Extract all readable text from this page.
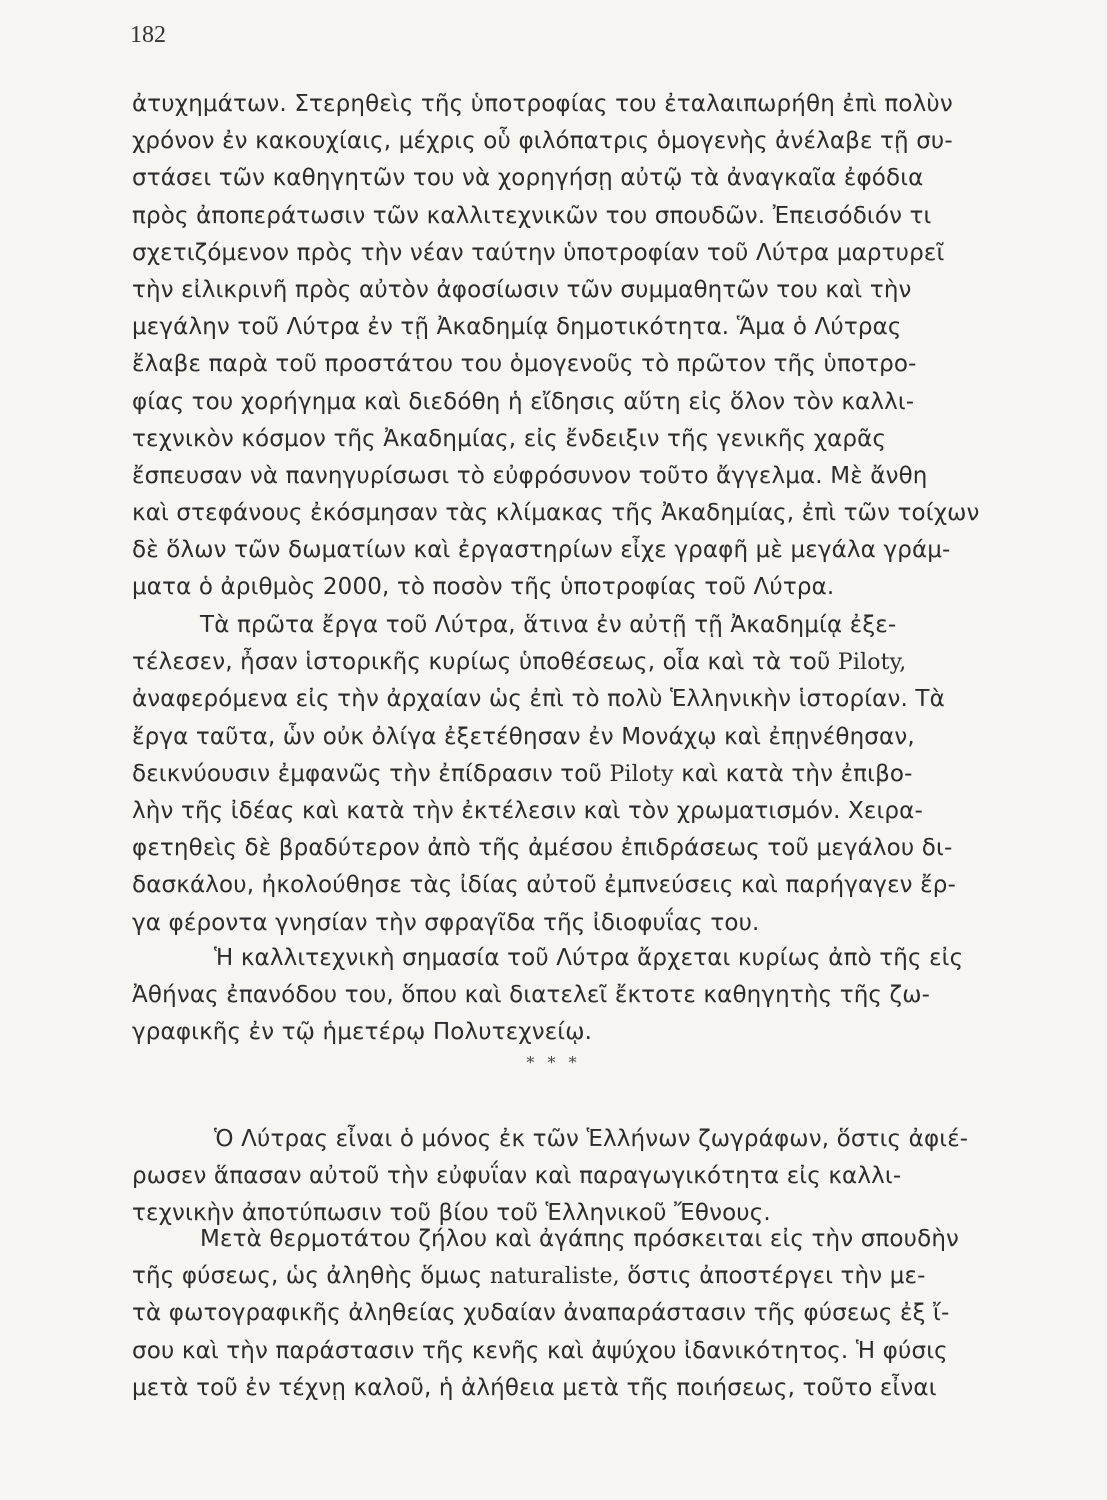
182
ἀτυχημάτων. Στερηθεὶς τῆς ὑποτροφίας του ἐταλαιπωρήθη ἐπὶ πολὺν
χρόνον ἐν κακουχίαις, μέχρις οὗ φιλόπατρις ὁμογενὴς ἀνέλαβε τῇ συ-
στάσει τῶν καθηγητῶν του νὰ χορηγήσῃ αὐτῷ τὰ ἀναγκαῖα ἐφόδια
πρὸς ἀποπεράτωσιν τῶν καλλιτεχνικῶν του σπουδῶν. Ἐπεισόδιόν τι
σχετιζόμενον πρὸς τὴν νέαν ταύτην ὑποτροφίαν τοῦ Λύτρα μαρτυρεῖ
τὴν εἰλικρινῆ πρὸς αὐτὸν ἀφοσίωσιν τῶν συμμαθητῶν του καὶ τὴν
μεγάλην τοῦ Λύτρα ἐν τῇ Ἀκαδημίᾳ δημοτικότητα. Ἅμα ὁ Λύτρας
ἔλαβε παρὰ τοῦ προστάτου του ὁμογενοῦς τὸ πρῶτον τῆς ὑποτρο-
φίας του χορήγημα καὶ διεδόθη ἡ εἴδησις αὕτη εἰς ὅλον τὸν καλλι-
τεχνικὸν κόσμον τῆς Ἀκαδημίας, εἰς ἔνδειξιν τῆς γενικῆς χαρᾶς
ἔσπευσαν νὰ πανηγυρίσωσι τὸ εὐφρόσυνον τοῦτο ἄγγελμα. Μὲ ἄνθη
καὶ στεφάνους ἐκόσμησαν τὰς κλίμακας τῆς Ἀκαδημίας, ἐπὶ τῶν τοίχων
δὲ ὅλων τῶν δωματίων καὶ ἐργαστηρίων εἶχε γραφῆ μὲ μεγάλα γράμ-
ματα ὁ ἀριθμὸς 2000, τὸ ποσὸν τῆς ὑποτροφίας τοῦ Λύτρα.
Τὰ πρῶτα ἔργα τοῦ Λύτρα, ἅτινα ἐν αὐτῇ τῇ Ἀκαδημίᾳ ἐξε-
τέλεσεν, ἦσαν ἱστορικῆς κυρίως ὑποθέσεως, οἷα καὶ τὰ τοῦ Piloty,
ἀναφερόμενα εἰς τὴν ἀρχαίαν ὡς ἐπὶ τὸ πολὺ Ἑλληνικὴν ἱστορίαν. Τὰ
ἔργα ταῦτα, ὧν οὐκ ὀλίγα ἐξετέθησαν ἐν Μονάχῳ καὶ ἐπῃνέθησαν,
δεικνύουσιν ἐμφανῶς τὴν ἐπίδρασιν τοῦ Piloty καὶ κατὰ τὴν ἐπιβο-
λὴν τῆς ἰδέας καὶ κατὰ τὴν ἐκτέλεσιν καὶ τὸν χρωματισμόν. Χειρα-
φετηθεὶς δὲ βραδύτερον ἀπὸ τῆς ἀμέσου ἐπιδράσεως τοῦ μεγάλου δι-
δασκάλου, ἠκολούθησε τὰς ἰδίας αὐτοῦ ἐμπνεύσεις καὶ παρήγαγεν ἔρ-
γα φέροντα γνησίαν τὴν σφραγῖδα τῆς ἰδιοφυΐας του.
Ἡ καλλιτεχνικὴ σημασία τοῦ Λύτρα ἄρχεται κυρίως ἀπὸ τῆς εἰς
Ἀθήνας ἐπανόδου του, ὅπου καὶ διατελεῖ ἔκτοτε καθηγητὴς τῆς ζω-
γραφικῆς ἐν τῷ ἡμετέρῳ Πολυτεχνείῳ.
* * *
Ὁ Λύτρας εἶναι ὁ μόνος ἐκ τῶν Ἑλλήνων ζωγράφων, ὅστις ἀφιέ-
ρωσεν ἅπασαν αὐτοῦ τὴν εὐφυΐαν καὶ παραγωγικότητα εἰς καλλι-
τεχνικὴν ἀποτύπωσιν τοῦ βίου τοῦ Ἑλληνικοῦ Ἔθνους.
Μετὰ θερμοτάτου ζήλου καὶ ἀγάπης πρόσκειται εἰς τὴν σπουδὴν
τῆς φύσεως, ὡς ἀληθὴς ὅμως naturaliste, ὅστις ἀποστέργει τὴν με-
τὰ φωτογραφικῆς ἀληθείας χυδαίαν ἀναπαράστασιν τῆς φύσεως ἐξ ἴ-
σου καὶ τὴν παράστασιν τῆς κενῆς καὶ ἀψύχου ἰδανικότητος. Ἡ φύσις
μετὰ τοῦ ἐν τέχνῃ καλοῦ, ἡ ἀλήθεια μετὰ τῆς ποιήσεως, τοῦτο εἶναι
